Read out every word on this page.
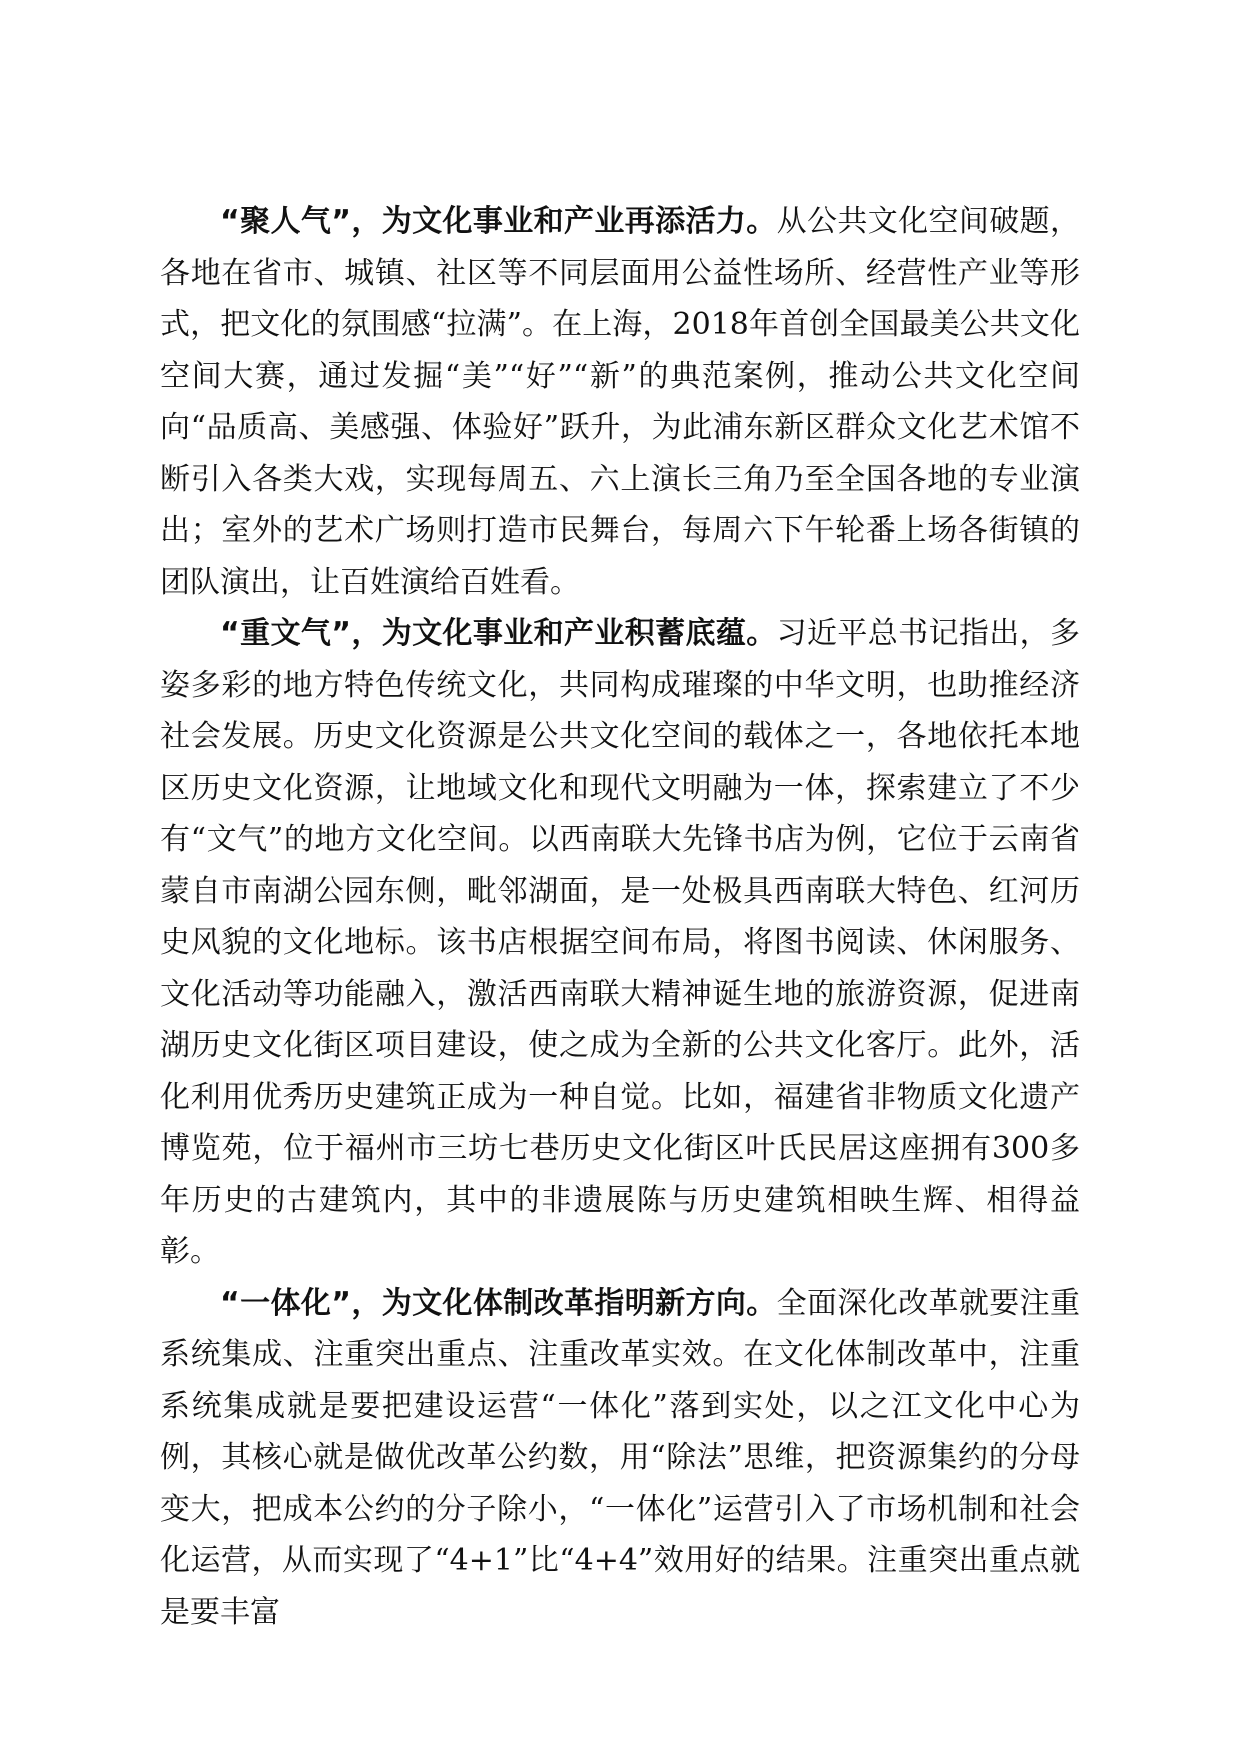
“聚人气”，为文化事业和产业再添活力。从公共文化空间破题，各地在省市、城镇、社区等不同层面用公益性场所、经营性产业等形式，把文化的氛围感“拉满”。在上海，2018年首创全国最美公共文化空间大赛，通过发掘“美”“好”“新”的典范案例，推动公共文化空间向“品质高、美感强、体验好”跃升，为此浦东新区群众文化艺术馆不断引入各类大戏，实现每周五、六上演长三角乃至全国各地的专业演出；室外的艺术广场则打造市民舞台，每周六下午轮番上场各街镇的团队演出，让百姓演给百姓看。

“重文气”，为文化事业和产业积蓄底蕴。习近平总书记指出，多姿多彩的地方特色传统文化，共同构成璀璨的中华文明，也助推经济社会发展。历史文化资源是公共文化空间的载体之一，各地依托本地区历史文化资源，让地域文化和现代文明融为一体，探索建立了不少有“文气”的地方文化空间。以西南联大先锋书店为例，它位于云南省蒙自市南湖公园东侧，毗邻湖面，是一处极具西南联大特色、红河历史风貌的文化地标。该书店根据空间布局，将图书阅读、休闲服务、文化活动等功能融入，激活西南联大精神诞生地的旅游资源，促进南湖历史文化街区项目建设，使之成为全新的公共文化客厅。此外，活化利用优秀历史建筑正成为一种自觉。比如，福建省非物质文化遗产博览苑，位于福州市三坊七巷历史文化街区叶氏民居这座拥有300多年历史的古建筑内，其中的非遗展陈与历史建筑相映生辉、相得益彰。

“一体化”，为文化体制改革指明新方向。全面深化改革就要注重系统集成、注重突出重点、注重改革实效。在文化体制改革中，注重系统集成就是要把建设运营“一体化”落到实处，以之江文化中心为例，其核心就是做优改革公约数，用“除法”思维，把资源集约的分母变大，把成本公约的分子除小，“一体化”运营引入了市场机制和社会化运营，从而实现了“4+1”比“4+4”效用好的结果。注重突出重点就是要丰富
